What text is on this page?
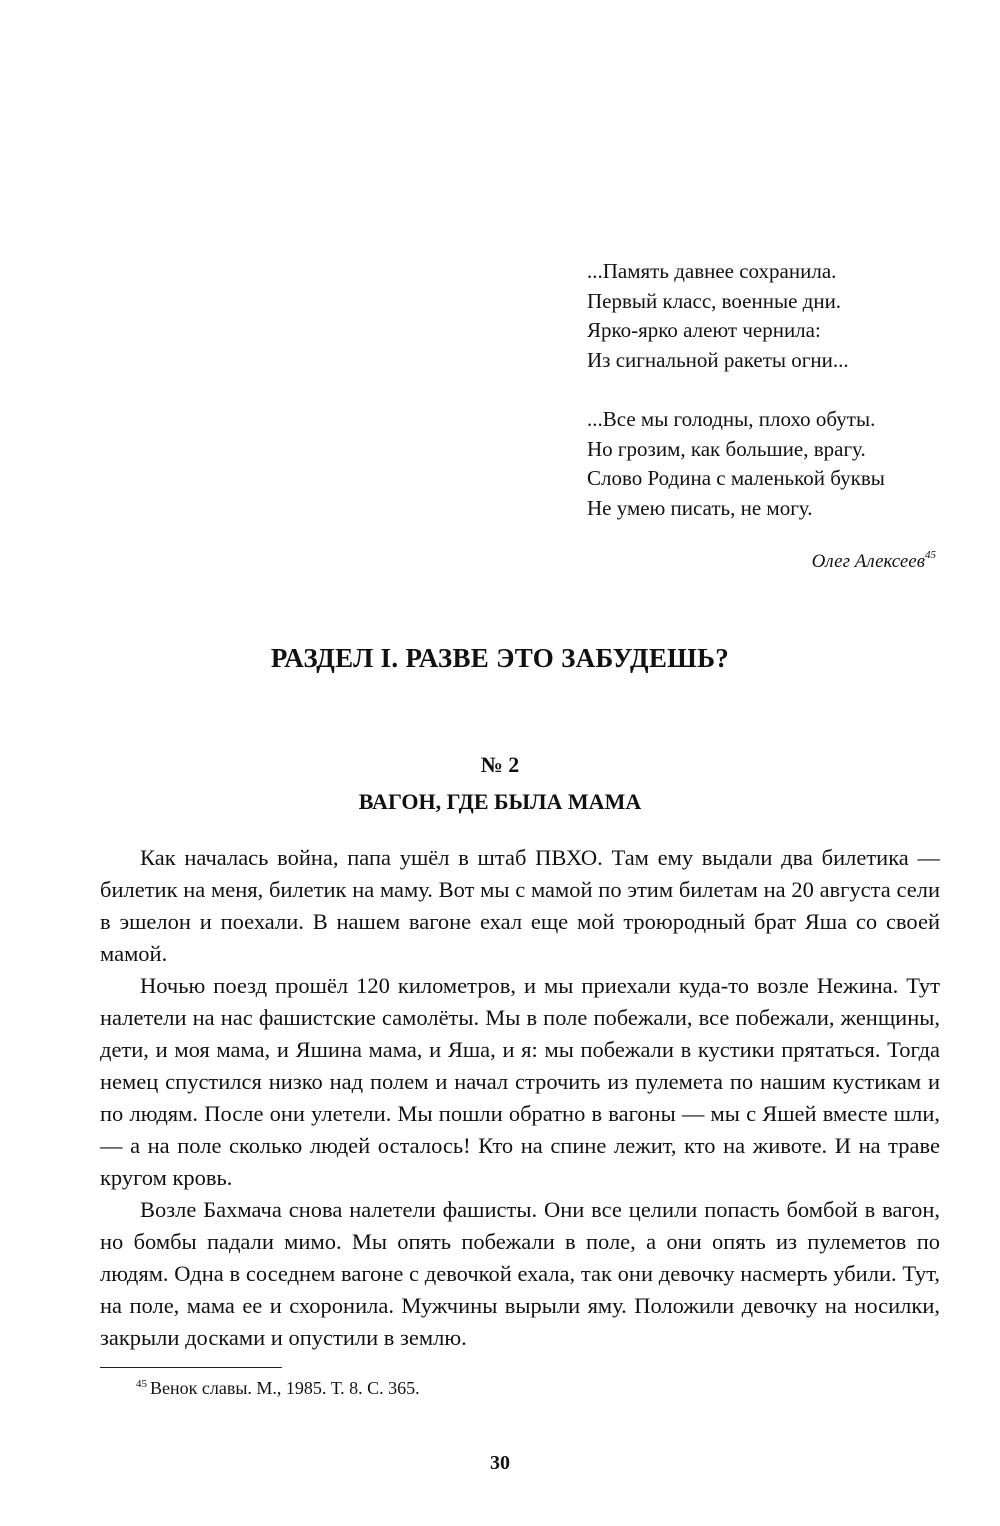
...Память давнее сохранила.
Первый класс, военные дни.
Ярко-ярко алеют чернила:
Из сигнальной ракеты огни...
...Все мы голодны, плохо обуты.
Но грозим, как большие, врагу.
Слово Родина с маленькой буквы
Не умею писать, не могу.
Олег Алексеев$^{45}$
РАЗДЕЛ I. РАЗВЕ ЭТО ЗАБУДЕШЬ?
№ 2
ВАГОН, ГДЕ БЫЛА МАМА

Как началась война, папа ушёл в штаб ПВХО. Там ему выдали два билетика — билетик на меня, билетик на маму. Вот мы с мамой по этим билетам на 20 августа сели в эшелон и поехали. В нашем вагоне ехал еще мой троюродный брат Яша со своей мамой.

Ночью поезд прошёл 120 километров, и мы приехали куда-то возле Нежина. Тут налетели на нас фашистские самолёты. Мы в поле побежали, все побежали, женщины, дети, и моя мама, и Яшина мама, и Яша, и я: мы побежали в кустики прятаться. Тогда немец спустился низко над полем и начал строчить из пулемета по нашим кустикам и по людям. После они улетели. Мы пошли обратно в вагоны — мы с Яшей вместе шли, — а на поле сколько людей осталось! Кто на спине лежит, кто на животе. И на траве кругом кровь.

Возле Бахмача снова налетели фашисты. Они все целили попасть бомбой в вагон, но бомбы падали мимо. Мы опять побежали в поле, а они опять из пулеметов по людям. Одна в соседнем вагоне с девочкой ехала, так они девочку насмерть убили. Тут, на поле, мама ее и схоронила. Мужчины вырыли яму. Положили девочку на носилки, закрыли досками и опустили в землю.

$^{45}$ Венок славы. М., 1985. Т. 8. С. 365.
30
